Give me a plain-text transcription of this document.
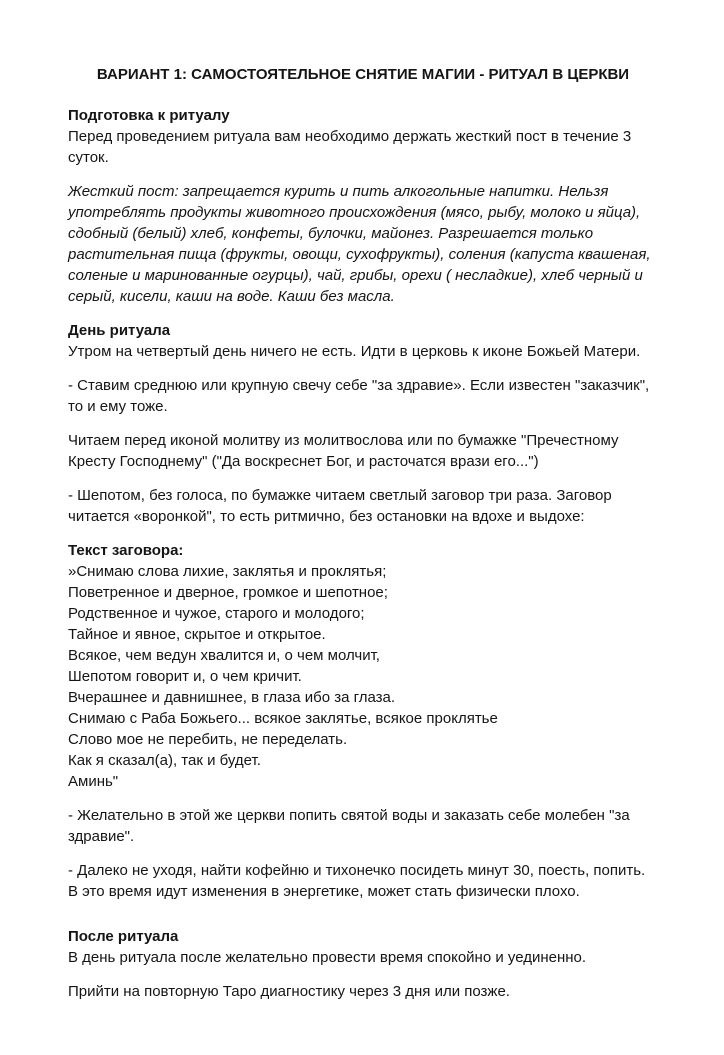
ВАРИАНТ 1: САМОСТОЯТЕЛЬНОЕ СНЯТИЕ МАГИИ - РИТУАЛ В ЦЕРКВИ
Подготовка к ритуалу

Перед проведением ритуала вам необходимо держать жесткий пост в течение 3 суток.

Жесткий пост: запрещается курить и пить алкогольные напитки. Нельзя употреблять продукты животного происхождения (мясо, рыбу, молоко и яйца), сдобный (белый) хлеб, конфеты, булочки, майонез. Разрешается только растительная пища (фрукты, овощи, сухофрукты), соления (капуста квашеная, соленые и маринованные огурцы), чай, грибы, орехи ( несладкие), хлеб черный и серый, кисели, каши на воде. Каши без масла.

День ритуала

Утром на четвертый день ничего не есть. Идти в церковь к иконе Божьей Матери.

- Ставим среднюю или крупную свечу себе "за здравие». Если известен "заказчик", то и ему тоже.

Читаем перед иконой молитву из молитвослова или по бумажке "Пречестному Кресту Господнему" ("Да воскреснет Бог, и расточатся врази его...")

- Шепотом, без голоса, по бумажке читаем светлый заговор три раза. Заговор читается «воронкой", то есть ритмично, без остановки на вдохе и выдохе:

Текст заговора:
»Снимаю слова лихие, заклятья и проклятья;
Поветренное и дверное, громкое и шепотное;
Родственное и чужое, старого и молодого;
Тайное и явное, скрытое и открытое.
Всякое, чем ведун хвалится и, о чем молчит,
Шепотом говорит и, о чем кричит.
Вчерашнее и давнишнее, в глаза ибо за глаза.
Снимаю с Раба Божьего... всякое заклятье, всякое проклятье
Слово мое не перебить, не переделать.
Как я сказал(а), так и будет.
Аминь"

- Желательно в этой же церкви попить святой воды и заказать себе молебен "за здравие".

- Далеко не уходя, найти кофейню и тихонечко посидеть минут 30, поесть, попить. В это время идут изменения в энергетике, может стать физически плохо.

После ритуала

В день ритуала после желательно провести время спокойно и уединенно.

Прийти на повторную Таро диагностику через 3 дня или позже.
